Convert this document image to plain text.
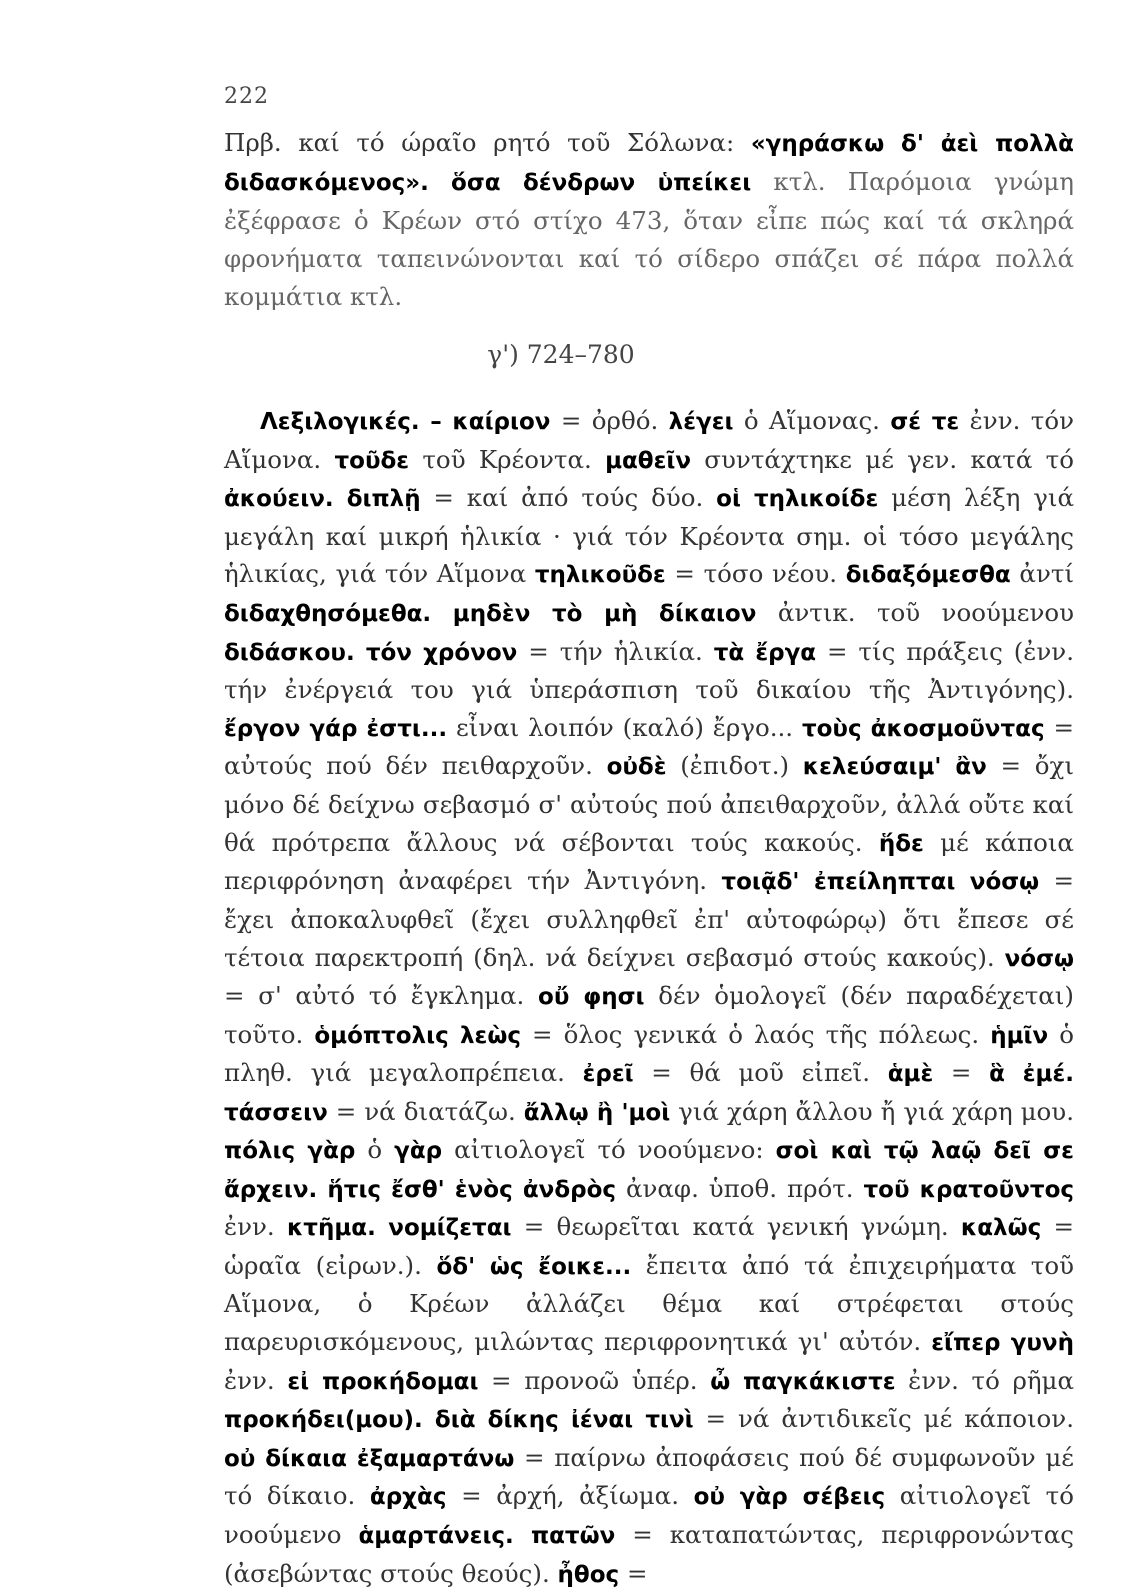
222
Πρβ. καί τό ώραῖο ρητό τοῦ Σόλωνα: «γηράσκω δ' ἀεὶ πολλὰ διδασκόμενος». ὅσα δένδρων ὑπείκει κτλ. Παρόμοια γνώμη ἐξέφρασε ὁ Κρέων στό στίχο 473, ὅταν εἶπε πώς καί τά σκληρά φρονήματα ταπεινώνονται καί τό σίδερο σπάζει σέ πάρα πολλά κομμάτια κτλ.
γ') 724–780
Λεξιλογικές. – καίριον = ὀρθό. λέγει ὁ Αἵμονας. σέ τε ἐνν. τόν Αἵμονα. τοῦδε τοῦ Κρέοντα. μαθεῖν συντάχτηκε μέ γεν. κατά τό ἀκούειν. διπλῇ = καί ἀπό τούς δύο. οἱ τηλικοίδε μέση λέξη γιά μεγάλη καί μικρή ἡλικία · γιά τόν Κρέοντα σημ. οἱ τόσο μεγάλης ἡλικίας, γιά τόν Αἵμονα τηλικοῦδε = τόσο νέου. διδαξόμεσθα ἀντί διδαχθησόμεθα. μηδὲν τὸ μὴ δίκαιον ἀντικ. τοῦ νοούμενου διδάσκου. τόν χρόνον = τήν ἡλικία. τὰ ἔργα = τίς πράξεις (ἐνν. τήν ἐνέργειά του γιά ὑπεράσπιση τοῦ δικαίου τῆς Ἀντιγόνης). ἔργον γάρ ἐστι... εἶναι λοιπόν (καλό) ἔργο... τοὺς ἀκοσμοῦντας = αὐτούς πού δέν πειθαρχοῦν. οὐδὲ (ἐπιδοτ.) κελεύσαιμ' ἂν = ὄχι μόνο δέ δείχνω σεβασμό σ' αὐτούς πού ἀπειθαρχοῦν, ἀλλά οὔτε καί θά πρότρεπα ἄλλους νά σέβονται τούς κακούς. ἥδε μέ κάποια περιφρόνηση ἀναφέρει τήν Ἀντιγόνη. τοιᾷδ' ἐπείληπται νόσῳ = ἔχει ἀποκαλυφθεῖ (ἔχει συλληφθεῖ ἐπ' αὐτοφώρῳ) ὅτι ἔπεσε σέ τέτοια παρεκτροπή (δηλ. νά δείχνει σεβασμό στούς κακούς). νόσῳ = σ' αὐτό τό ἔγκλημα. οὔ φησι δέν ὁμολογεῖ (δέν παραδέχεται) τοῦτο. ὁμόπτολις λεὼς = ὅλος γενικά ὁ λαός τῆς πόλεως. ἡμῖν ὁ πληθ. γιά μεγαλοπρέπεια. ἐρεῖ = θά μοῦ εἰπεῖ. ἁμὲ = ἃ ἐμέ. τάσσειν = νά διατάζω. ἄλλῳ ἢ 'μοὶ γιά χάρη ἄλλου ἤ γιά χάρη μου. πόλις γὰρ ὁ γὰρ αἰτιολογεῖ τό νοούμενο: σοὶ καὶ τῷ λαῷ δεῖ σε ἄρχειν. ἥτις ἔσθ' ἑνὸς ἀνδρὸς ἀναφ. ὑποθ. πρότ. τοῦ κρατοῦντος ἐνν. κτῆμα. νομίζεται = θεωρεῖται κατά γενική γνώμη. καλῶς = ὡραῖα (εἰρων.). ὅδ' ὡς ἔοικε... ἔπειτα ἀπό τά ἐπιχειρήματα τοῦ Αἵμονα, ὁ Κρέων ἀλλάζει θέμα καί στρέφεται στούς παρευρισκόμενους, μιλώντας περιφρονητικά γι' αὐτόν. εἴπερ γυνὴ ἐνν. εἰ προκήδομαι = προνοῶ ὑπέρ. ὦ παγκάκιστε ἐνν. τό ρῆμα προκήδει(μου). διὰ δίκης ἰέναι τινὶ = νά ἀντιδικεῖς μέ κάποιον. οὐ δίκαια ἐξαμαρτάνω = παίρνω ἀποφάσεις πού δέ συμφωνοῦν μέ τό δίκαιο. ἀρχὰς = ἀρχή, ἀξίωμα. οὐ γὰρ σέβεις αἰτιολογεῖ τό νοούμενο ἁμαρτάνεις. πατῶν = καταπατώντας, περιφρονώντας (ἀσεβώντας στούς θεούς). ἦθος =
